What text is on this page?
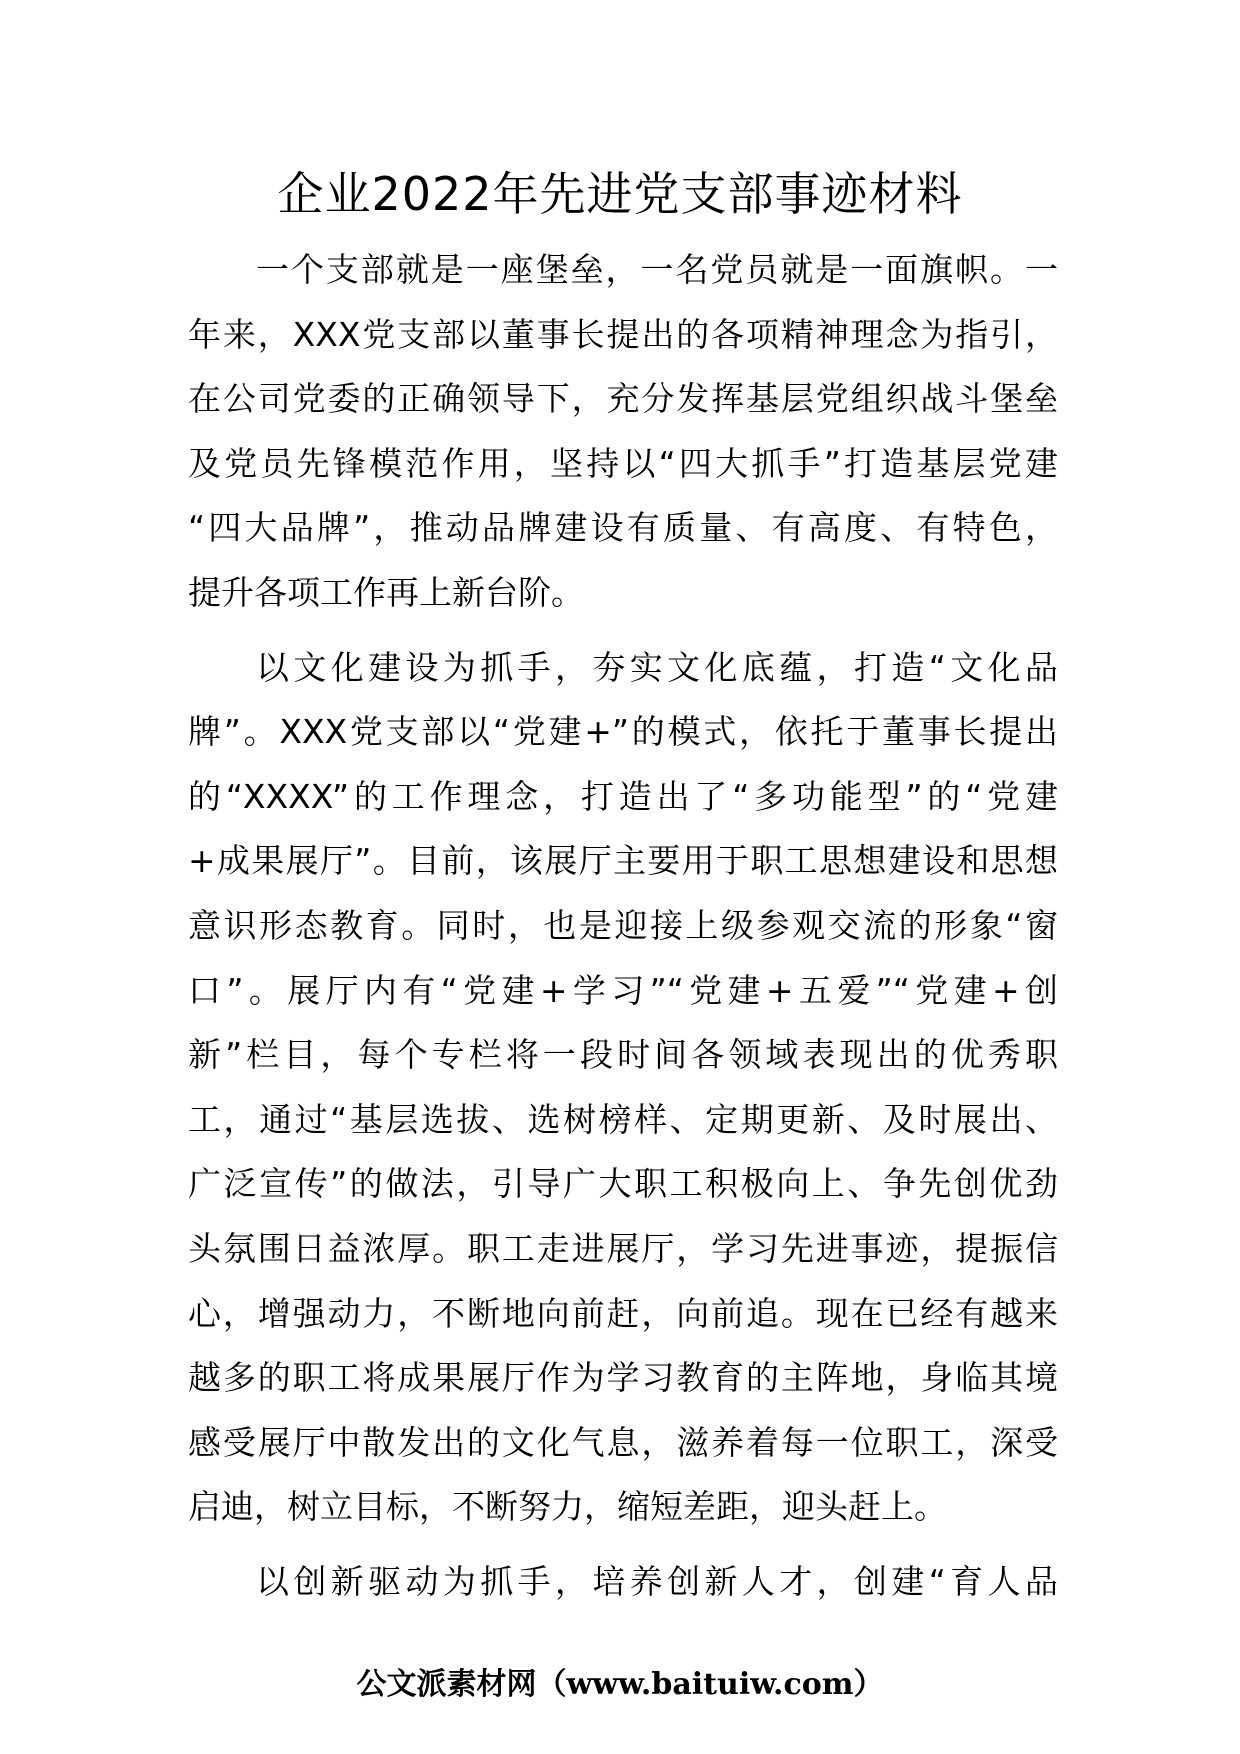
企业2022年先进党支部事迹材料
一个支部就是一座堡垒，一名党员就是一面旗帜。一
年来，XXX党支部以董事长提出的各项精神理念为指引，
在公司党委的正确领导下，充分发挥基层党组织战斗堡垒
及党员先锋模范作用，坚持以“四大抓手”打造基层党建
“四大品牌”，推动品牌建设有质量、有高度、有特色，
提升各项工作再上新台阶。
以文化建设为抓手，夯实文化底蕴，打造“文化品
牌”。XXX党支部以“党建+”的模式，依托于董事长提出
的“XXXX”的工作理念，打造出了“多功能型”的“党建
+成果展厅”。目前，该展厅主要用于职工思想建设和思想
意识形态教育。同时，也是迎接上级参观交流的形象“窗
口”。展厅内有“党建+学习”“党建+五爱”“党建+创
新”栏目，每个专栏将一段时间各领域表现出的优秀职
工，通过“基层选拔、选树榜样、定期更新、及时展出、
广泛宣传”的做法，引导广大职工积极向上、争先创优劲
头氛围日益浓厚。职工走进展厅，学习先进事迹，提振信
心，增强动力，不断地向前赶，向前追。现在已经有越来
越多的职工将成果展厅作为学习教育的主阵地，身临其境
感受展厅中散发出的文化气息，滋养着每一位职工，深受
启迪，树立目标，不断努力，缩短差距，迎头赶上。
以创新驱动为抓手，培养创新人才，创建“育人品
公文派素材网（www.baituiw.com）
